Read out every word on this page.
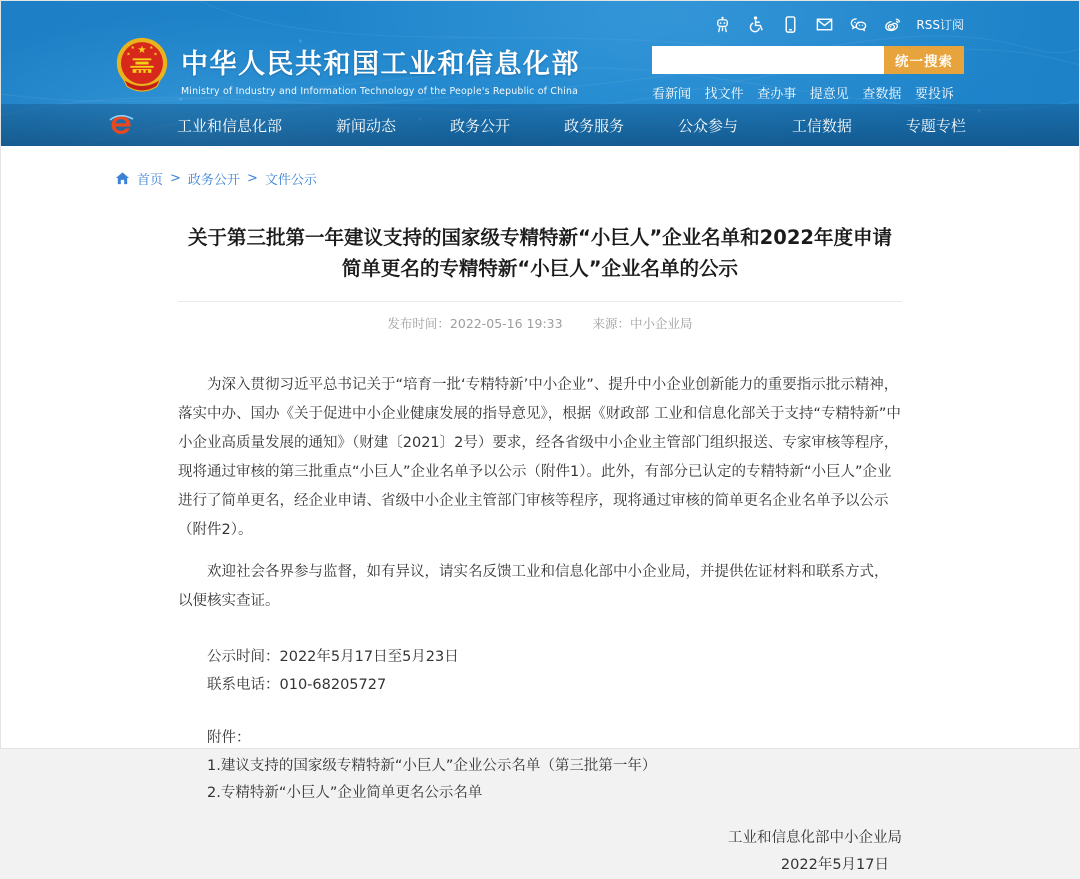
★
★	★
★	★ 中华人民共和国工业和信息化部
Ministry of Industry and Information Technology of the People's Republic of China
RSS订阅
统一搜索
看新闻 找文件 查办事 提意见 查数据 要投诉
工业和信息化部	新闻动态	政务公开	政务服务	公众参与	工信数据	专题专栏
首页 > 政务公开 > 文件公示
关于第三批第一年建议支持的国家级专精特新“小巨人”企业名单和2022年度申请简单更名的专精特新“小巨人”企业名单的公示
发布时间：2022-05-16 19:33 来源：中小企业局

为深入贯彻习近平总书记关于“培育一批‘专精特新’中小企业”、提升中小企业创新能力的重要指示批示精神，落实中办、国办《关于促进中小企业健康发展的指导意见》，根据《财政部 工业和信息化部关于支持“专精特新”中小企业高质量发展的通知》（财建〔2021〕2号）要求，经各省级中小企业主管部门组织报送、专家审核等程序，现将通过审核的第三批重点“小巨人”企业名单予以公示（附件1）。此外，有部分已认定的专精特新“小巨人”企业进行了简单更名，经企业申请、省级中小企业主管部门审核等程序，现将通过审核的简单更名企业名单予以公示（附件2）。

欢迎社会各界参与监督，如有异议，请实名反馈工业和信息化部中小企业局，并提供佐证材料和联系方式，以便核实查证。

公示时间：2022年5月17日至5月23日

联系电话：010-68205727

附件：

1.建议支持的国家级专精特新“小巨人”企业公示名单（第三批第一年）

2.专精特新“小巨人”企业简单更名公示名单

工业和信息化部中小企业局
2022年5月17日
